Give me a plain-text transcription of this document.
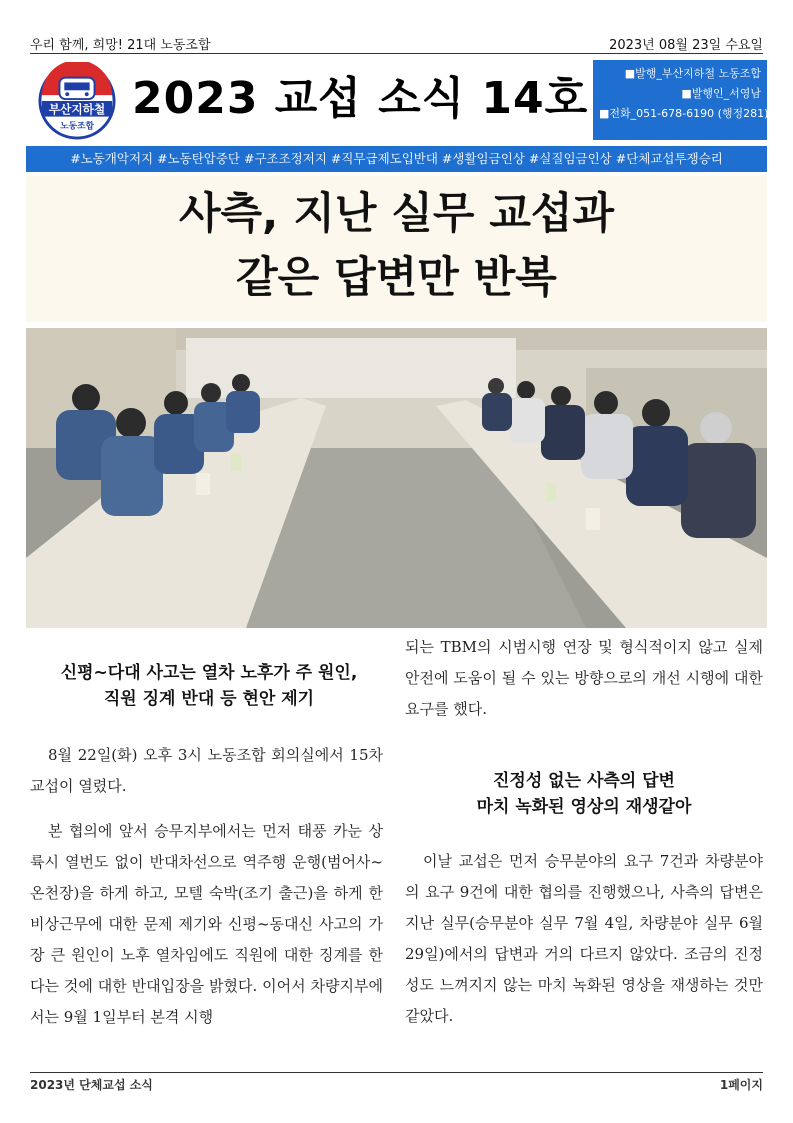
우리 함께, 희망! 21대 노동조합	2023년 08월 23일 수요일
부산지하철
노동조합
2023 교섭 소식 14호	■발행_부산지하철 노동조합
■발행인_서영남
■전화_051-678-6190 (행정281)
#노동개악저지 #노동탄압중단 #구조조정저지 #직무급제도입반대 #생활임금인상 #실질임금인상 #단체교섭투쟁승리
사측, 지난 실무 교섭과
같은 답변만 반복
신평~다대 사고는 열차 노후가 주 원인,
직원 징계 반대 등 현안 제기

8월 22일(화) 오후 3시 노동조합 회의실에서 15차 교섭이 열렸다.

본 협의에 앞서 승무지부에서는 먼저 태풍 카눈 상륙시 열번도 없이 반대차선으로 역주행 운행(범어사~온천장)을 하게 하고, 모텔 숙박(조기 출근)을 하게 한 비상근무에 대한 문제 제기와 신평~동대신 사고의 가장 큰 원인이 노후 열차임에도 직원에 대한 징계를 한다는 것에 대한 반대입장을 밝혔다. 이어서 차량지부에서는 9월 1일부터 본격 시행

되는 TBM의 시범시행 연장 및 형식적이지 않고 실제 안전에 도움이 될 수 있는 방향으로의 개선 시행에 대한 요구를 했다.

진정성 없는 사측의 답변
마치 녹화된 영상의 재생같아

이날 교섭은 먼저 승무분야의 요구 7건과 차량분야의 요구 9건에 대한 협의를 진행했으나, 사측의 답변은 지난 실무(승무분야 실무 7월 4일, 차량분야 실무 6월 29일)에서의 답변과 거의 다르지 않았다. 조금의 진정성도 느껴지지 않는 마치 녹화된 영상을 재생하는 것만 같았다.

2023년 단체교섭 소식	1페이지
